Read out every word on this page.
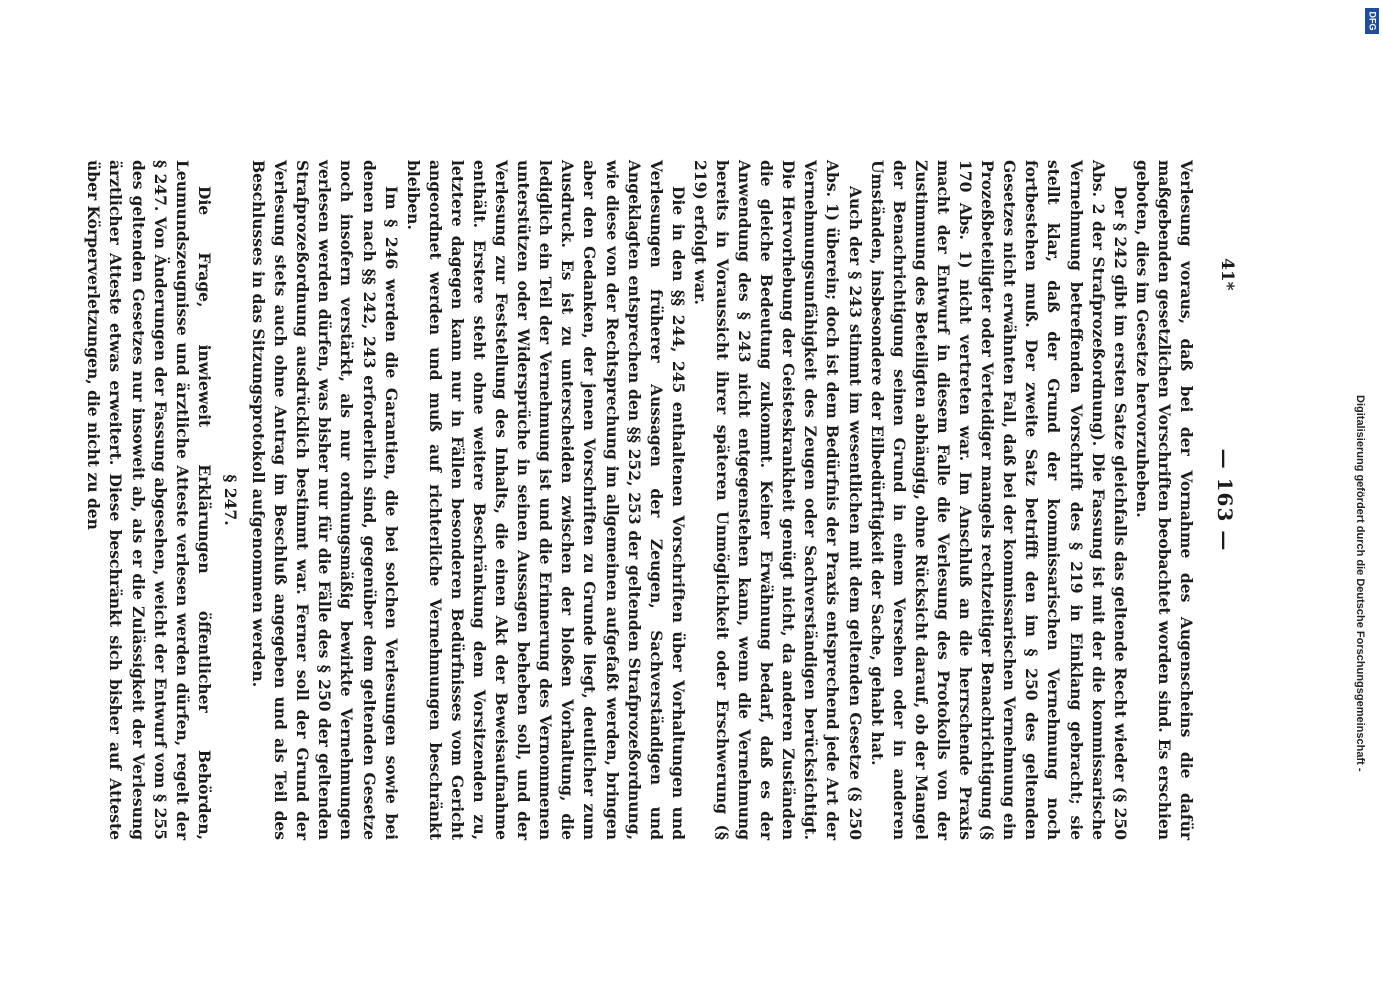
— 163 —

Verlesung voraus, daß bei der Vornahme des Augenscheins die dafür maßgebenden gesetzlichen Vorschriften beobachtet worden sind. Es erschien geboten, dies im Gesetze hervorzuheben.

Der § 242 gibt im ersten Satze gleichfalls das geltende Recht wieder (§ 250 Abs. 2 der Strafprozeßordnung). Die Fassung ist mit der die kommissarische Vernehmung betreffenden Vorschrift des § 219 in Einklang gebracht; sie stellt klar, daß der Grund der kommissarischen Vernehmung noch fortbestehen muß. Der zweite Satz betrifft den im § 250 des geltenden Gesetzes nicht erwähnten Fall, daß bei der kommissarischen Vernehmung ein Prozeßbeteiligter oder Verteidiger mangels rechtzeitiger Benachrichtigung (§ 170 Abs. 1) nicht vertreten war. Im Anschluß an die herrschende Praxis macht der Entwurf in diesem Falle die Verlesung des Protokolls von der Zustimmung des Beteiligten abhängig, ohne Rücksicht darauf, ob der Mangel der Benachrichtigung seinen Grund in einem Versehen oder in anderen Umständen, insbesondere der Eilbedürftigkeit der Sache, gehabt hat.

Auch der § 243 stimmt im wesentlichen mit dem geltenden Gesetze (§ 250 Abs. 1) überein; doch ist dem Bedürfnis der Praxis entsprechend jede Art der Vernehmungsunfähigkeit des Zeugen oder Sachverständigen berücksichtigt. Die Hervorhebung der Geisteskrankheit genügt nicht, da anderen Zuständen die gleiche Bedeutung zukommt. Keiner Erwähnung bedarf, daß es der Anwendung des § 243 nicht entgegenstehen kann, wenn die Vernehmung bereits in Voraussicht ihrer späteren Unmöglichkeit oder Erschwerung (§ 219) erfolgt war.

Die in den §§ 244, 245 enthaltenen Vorschriften über Vorhaltungen und Verlesungen früherer Aussagen der Zeugen, Sachverständigen und Angeklagten entsprechen den §§ 252, 253 der geltenden Strafprozeßordnung, wie diese von der Rechtsprechung im allgemeinen aufgefaßt werden, bringen aber den Gedanken, der jenen Vorschriften zu Grunde liegt, deutlicher zum Ausdruck. Es ist zu unterscheiden zwischen der bloßen Vorhaltung, die lediglich ein Teil der Vernehmung ist und die Erinnerung des Vernommenen unterstützen oder Widersprüche in seinen Aussagen beheben soll, und der Verlesung zur Feststellung des Inhalts, die einen Akt der Beweisaufnahme enthält. Erstere steht ohne weitere Beschränkung dem Vorsitzenden zu, letztere dagegen kann nur in Fällen besonderen Bedürfnisses vom Gericht angeordnet werden und muß auf richterliche Vernehmungen beschränkt bleiben.

Im § 246 werden die Garantien, die bei solchen Verlesungen sowie bei denen nach §§ 242, 243 erforderlich sind, gegenüber dem geltenden Gesetze noch insofern verstärkt, als nur ordnungsmäßig bewirkte Vernehmungen verlesen werden dürfen, was bisher nur für die Fälle des § 250 der geltenden Strafprozeßordnung ausdrücklich bestimmt war. Ferner soll der Grund der Verlesung stets auch ohne Antrag im Beschluß angegeben und als Teil des Beschlusses in das Sitzungsprotokoll aufgenommen werden.

§ 247.

Die Frage, inwieweit Erklärungen öffentlicher Behörden, Leumundszeugnisse und ärztliche Atteste verlesen werden dürfen, regelt der § 247. Von Änderungen der Fassung abgesehen, weicht der Entwurf vom § 255 des geltenden Gesetzes nur insoweit ab, als er die Zulässigkeit der Verlesung ärztlicher Atteste etwas erweitert. Diese beschränkt sich bisher auf Atteste über Körperverletzungen, die nicht zu den	41*
DFG
Digitalisierung gefördert durch die Deutsche Forschungsgemeinschaft -
